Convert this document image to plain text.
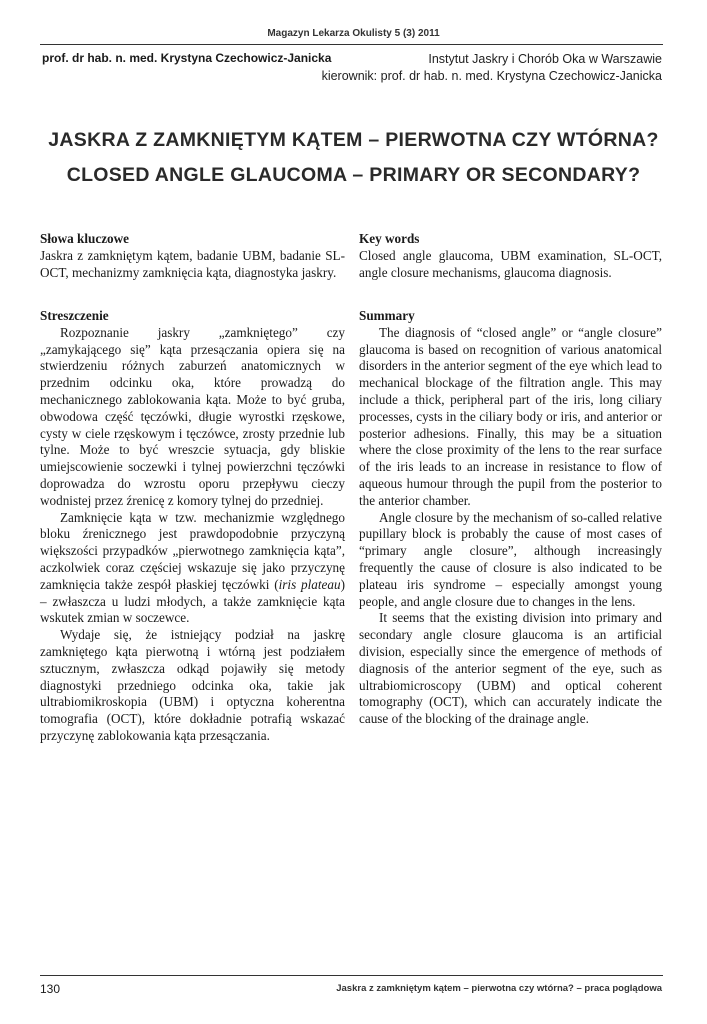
Magazyn Lekarza Okulisty 5 (3) 2011
prof. dr hab. n. med. Krystyna Czechowicz-Janicka	Instytut Jaskry i Chorób Oka w Warszawie
kierownik: prof. dr hab. n. med. Krystyna Czechowicz-Janicka
JASKRA Z ZAMKNIĘTYM KĄTEM – PIERWOTNA CZY WTÓRNA?
CLOSED ANGLE GLAUCOMA – PRIMARY OR SECONDARY?
Słowa kluczowe

Jaskra z zamkniętym kątem, badanie UBM, badanie SL-OCT, mechanizmy zamknięcia kąta, diagnostyka jaskry.

Streszczenie

Rozpoznanie jaskry „zamkniętego” czy „zamykającego się” kąta przesączania opiera się na stwierdzeniu różnych zaburzeń anatomicznych w przednim odcinku oka, które prowadzą do mechanicznego zablokowania kąta. Może to być gruba, obwodowa część tęczówki, długie wyrostki rzęskowe, cysty w ciele rzęskowym i tęczówce, zrosty przednie lub tylne. Może to być wreszcie sytuacja, gdy bliskie umiejscowienie soczewki i tylnej powierzchni tęczówki doprowadza do wzrostu oporu przepływu cieczy wodnistej przez źrenicę z komory tylnej do przedniej.

Zamknięcie kąta w tzw. mechanizmie względnego bloku źrenicznego jest prawdopodobnie przyczyną większości przypadków „pierwotnego zamknięcia kąta”, aczkolwiek coraz częściej wskazuje się jako przyczynę zamknięcia także zespół płaskiej tęczówki (iris plateau) – zwłaszcza u ludzi młodych, a także zamknięcie kąta wskutek zmian w soczewce.

Wydaje się, że istniejący podział na jaskrę zamkniętego kąta pierwotną i wtórną jest podziałem sztucznym, zwłaszcza odkąd pojawiły się metody diagnostyki przedniego odcinka oka, takie jak ultrabiomikroskopia (UBM) i optyczna koherentna tomografia (OCT), które dokładnie potrafią wskazać przyczynę zablokowania kąta przesączania.

Key words

Closed angle glaucoma, UBM examination, SL-OCT, angle closure mechanisms, glaucoma diagnosis.

Summary

The diagnosis of “closed angle” or “angle closure” glaucoma is based on recognition of various anatomical disorders in the anterior segment of the eye which lead to mechanical blockage of the filtration angle. This may include a thick, peripheral part of the iris, long ciliary processes, cysts in the ciliary body or iris, and anterior or posterior adhesions. Finally, this may be a situation where the close proximity of the lens to the rear surface of the iris leads to an increase in resistance to flow of aqueous humour through the pupil from the posterior to the anterior chamber.

Angle closure by the mechanism of so-called relative pupillary block is probably the cause of most cases of “primary angle closure”, although increasingly frequently the cause of closure is also indicated to be plateau iris syndrome – especially amongst young people, and angle closure due to changes in the lens.

It seems that the existing division into primary and secondary angle closure glaucoma is an artificial division, especially since the emergence of methods of diagnosis of the anterior segment of the eye, such as ultrabiomicroscopy (UBM) and optical coherent tomography (OCT), which can accurately indicate the cause of the blocking of the drainage angle.

130	Jaskra z zamkniętym kątem – pierwotna czy wtórna? – praca poglądowa
